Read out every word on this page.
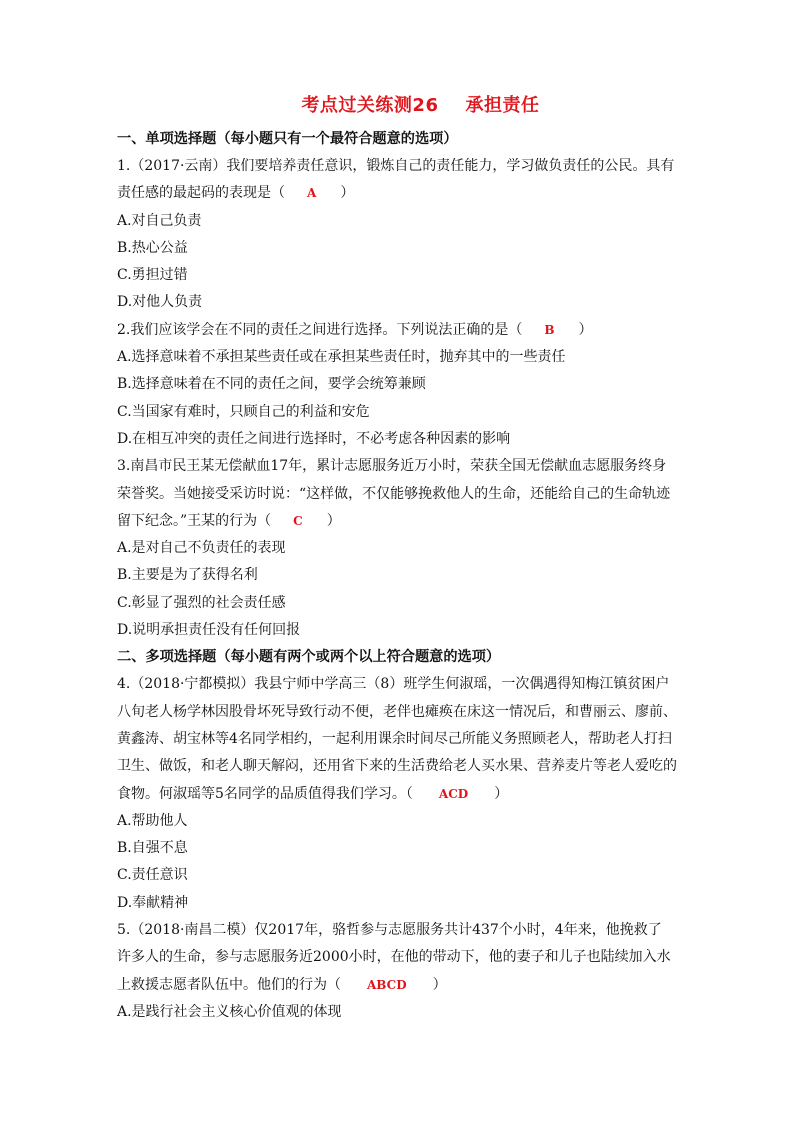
考点过关练测26    承担责任
一、单项选择题（每小题只有一个最符合题意的选项）
1.（2017·云南）我们要培养责任意识，锻炼自己的责任能力，学习做负责任的公民。具有
责任感的最起码的表现是（ A ）
A.对自己负责
B.热心公益
C.勇担过错
D.对他人负责
2.我们应该学会在不同的责任之间进行选择。下列说法正确的是（ B ）
A.选择意味着不承担某些责任或在承担某些责任时，抛弃其中的一些责任
B.选择意味着在不同的责任之间，要学会统筹兼顾
C.当国家有难时，只顾自己的利益和安危
D.在相互冲突的责任之间进行选择时，不必考虑各种因素的影响
3.南昌市民王某无偿献血17年，累计志愿服务近万小时，荣获全国无偿献血志愿服务终身
荣誉奖。当她接受采访时说：“这样做，不仅能够挽救他人的生命，还能给自己的生命轨迹
留下纪念。”王某的行为（ C ）
A.是对自己不负责任的表现
B.主要是为了获得名利
C.彰显了强烈的社会责任感
D.说明承担责任没有任何回报
二、多项选择题（每小题有两个或两个以上符合题意的选项）
4.（2018·宁都模拟）我县宁师中学高三（8）班学生何淑瑶，一次偶遇得知梅江镇贫困户
八旬老人杨学林因股骨坏死导致行动不便，老伴也瘫痪在床这一情况后，和曹丽云、廖前、
黄鑫涛、胡宝林等4名同学相约，一起利用课余时间尽己所能义务照顾老人，帮助老人打扫
卫生、做饭，和老人聊天解闷，还用省下来的生活费给老人买水果、营养麦片等老人爱吃的
食物。何淑瑶等5名同学的品质值得我们学习。（ ACD ）
A.帮助他人
B.自强不息
C.责任意识
D.奉献精神
5.（2018·南昌二模）仅2017年，骆哲参与志愿服务共计437个小时，4年来，他挽救了
许多人的生命，参与志愿服务近2000小时，在他的带动下，他的妻子和儿子也陆续加入水
上救援志愿者队伍中。他们的行为（ ABCD ）
A.是践行社会主义核心价值观的体现
